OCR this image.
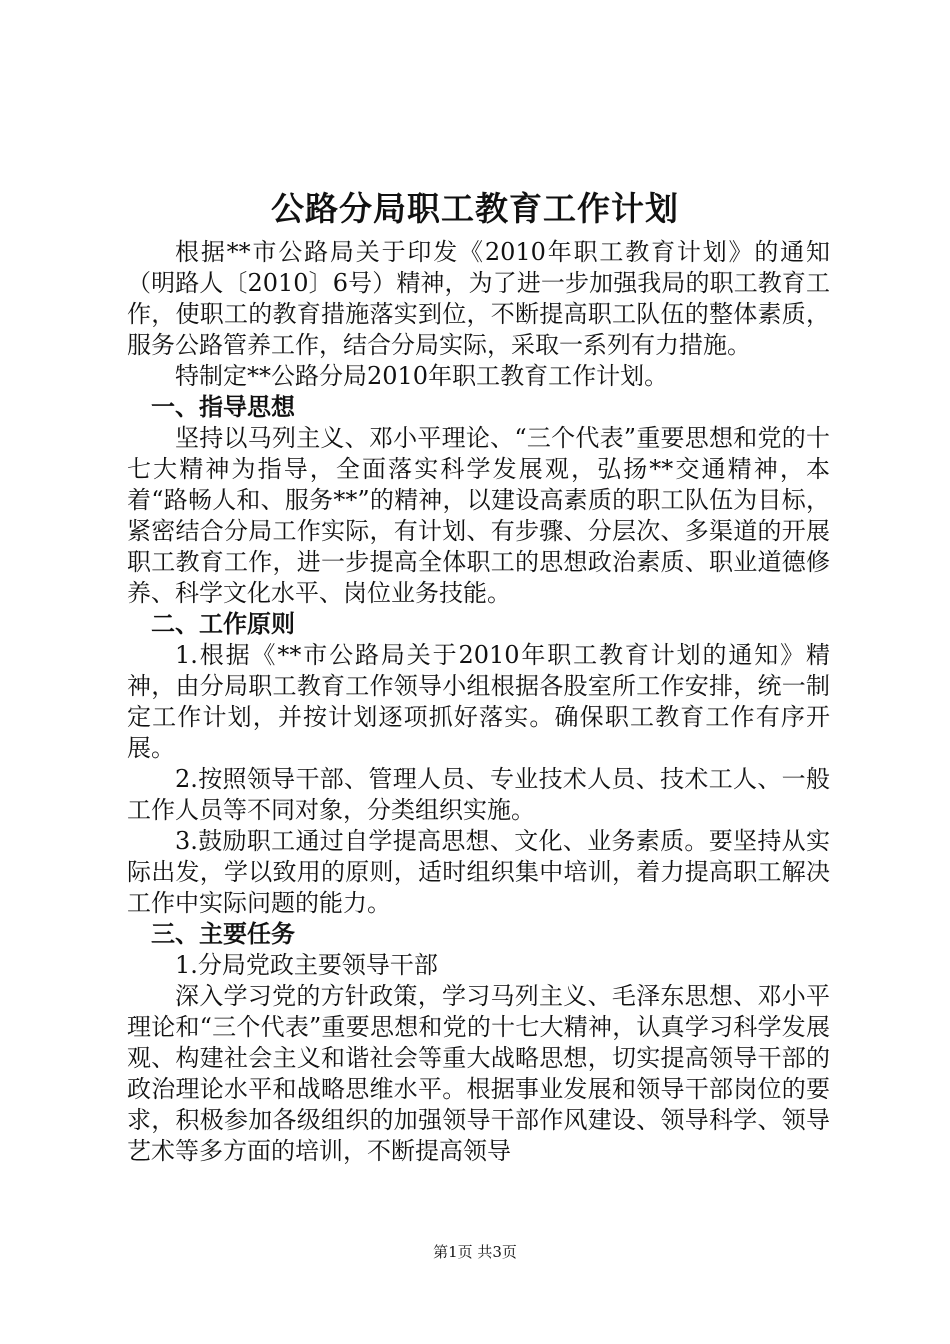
公路分局职工教育工作计划

根据**市公路局关于印发《2010年职工教育计划》的通知（明路人〔2010〕6号）精神，为了进一步加强我局的职工教育工作，使职工的教育措施落实到位，不断提高职工队伍的整体素质，服务公路管养工作，结合分局实际，采取一系列有力措施。

特制定**公路分局2010年职工教育工作计划。

一、指导思想

坚持以马列主义、邓小平理论、“三个代表”重要思想和党的十七大精神为指导，全面落实科学发展观，弘扬**交通精神，本着“路畅人和、服务**”的精神，以建设高素质的职工队伍为目标，紧密结合分局工作实际，有计划、有步骤、分层次、多渠道的开展职工教育工作，进一步提高全体职工的思想政治素质、职业道德修养、科学文化水平、岗位业务技能。

二、工作原则

1.根据《**市公路局关于2010年职工教育计划的通知》精神，由分局职工教育工作领导小组根据各股室所工作安排，统一制定工作计划，并按计划逐项抓好落实。确保职工教育工作有序开展。

2.按照领导干部、管理人员、专业技术人员、技术工人、一般工作人员等不同对象，分类组织实施。

3.鼓励职工通过自学提高思想、文化、业务素质。要坚持从实际出发，学以致用的原则，适时组织集中培训，着力提高职工解决工作中实际问题的能力。

三、主要任务

1.分局党政主要领导干部

深入学习党的方针政策，学习马列主义、毛泽东思想、邓小平理论和“三个代表”重要思想和党的十七大精神，认真学习科学发展观、构建社会主义和谐社会等重大战略思想，切实提高领导干部的政治理论水平和战略思维水平。根据事业发展和领导干部岗位的要求，积极参加各级组织的加强领导干部作风建设、领导科学、领导艺术等多方面的培训，不断提高领导

第1页 共3页
